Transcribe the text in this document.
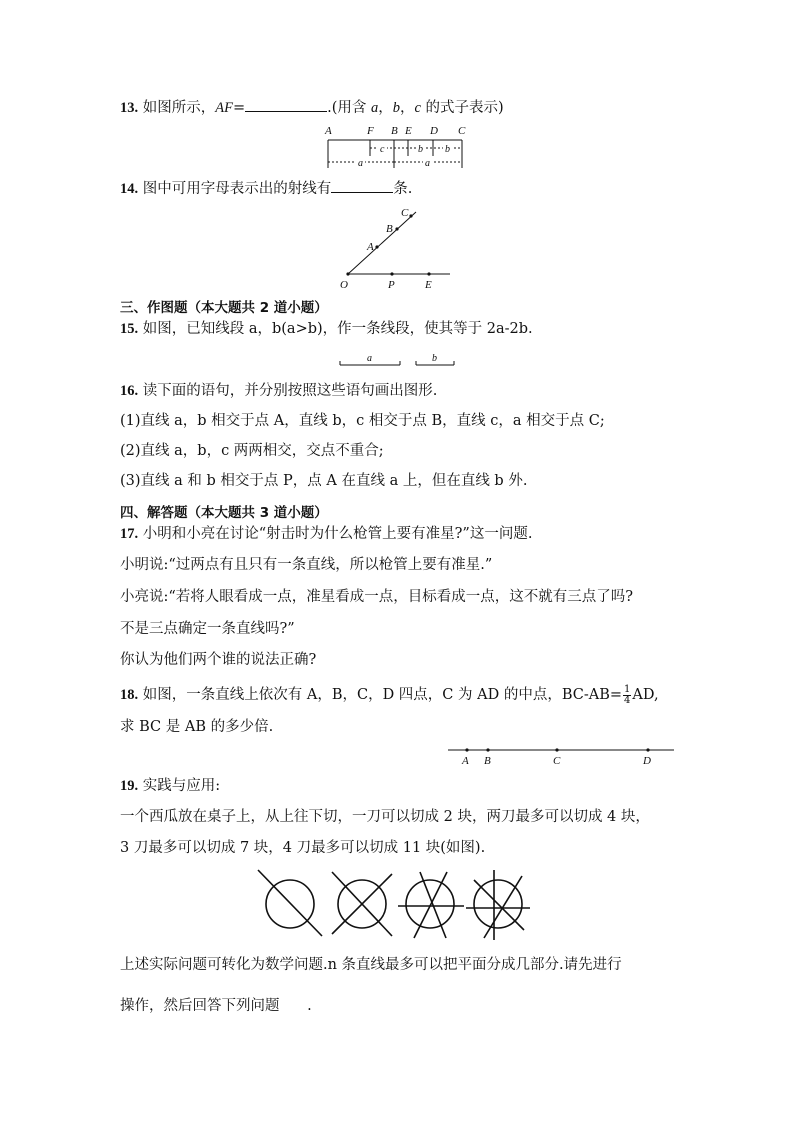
13. 如图所示，AF=	.(用含 a，b，c 的式子表示)
A	F B E D C
c	b b
a	a
14. 图中可用字母表示出的射线有	条.
O
A
B
C
P	E
三、作图题（本大题共 2 道小题）
15. 如图，已知线段 a，b(a>b)，作一条线段，使其等于 2a-2b.
a	b
16. 读下面的语句，并分别按照这些语句画出图形.
(1)直线 a，b 相交于点 A，直线 b，c 相交于点 B，直线 c，a 相交于点 C;
(2)直线 a，b，c 两两相交，交点不重合;
(3)直线 a 和 b 相交于点 P，点 A 在直线 a 上，但在直线 b 外.
四、解答题（本大题共 3 道小题）
17. 小明和小亮在讨论“射击时为什么枪管上要有准星?”这一问题.
小明说:“过两点有且只有一条直线，所以枪管上要有准星.”
小亮说:“若将人眼看成一点，准星看成一点，目标看成一点，这不就有三点了吗?
不是三点确定一条直线吗?”
你认为他们两个谁的说法正确?
18. 如图，一条直线上依次有 A，B，C，D 四点，C 为 AD 的中点，$BC-AB= \frac{1}{4}$ AD,
求 BC 是 AB 的多少倍.
A B	C	D
19. 实践与应用:
一个西瓜放在桌子上，从上往下切，一刀可以切成 2 块，两刀最多可以切成 4 块，
3 刀最多可以切成 7 块，4 刀最多可以切成 11 块(如图).
上述实际问题可转化为数学问题.n 条直线最多可以把平面分成几部分.请先进行
操作，然后回答下列问题      .
